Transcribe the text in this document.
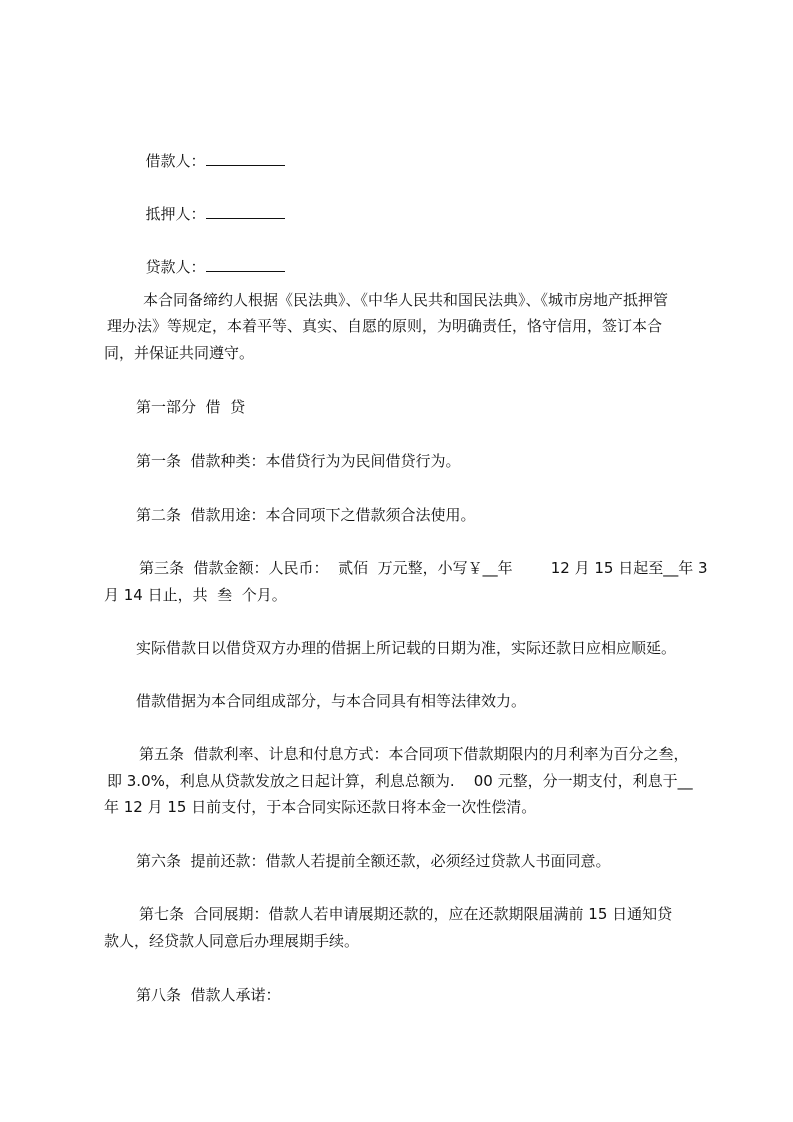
借款人：

抵押人：

贷款人：

本合同备缔约人根据《民法典》、《中华人民共和国民法典》、《城市房地产抵押管
理办法》等规定，本着平等、真实、自愿的原则，为明确责任，恪守信用，签订本合
同，并保证共同遵守。
第一部分  借  贷
第一条  借款种类：本借贷行为为民间借贷行为。
第二条  借款用途：本合同项下之借款须合法使用。
第三条  借款金额：人民币：  贰佰  万元整，小写￥__年        12 月 15 日起至__年 3
月 14 日止，共  叁  个月。
实际借款日以借贷双方办理的借据上所记载的日期为准，实际还款日应相应顺延。
借款借据为本合同组成部分，与本合同具有相等法律效力。
第五条  借款利率、计息和付息方式：本合同项下借款期限内的月利率为百分之叁，
即 3.0%，利息从贷款发放之日起计算，利息总额为.    00 元整，分一期支付，利息于__
年 12 月 15 日前支付，于本合同实际还款日将本金一次性偿清。
第六条  提前还款：借款人若提前全额还款，必须经过贷款人书面同意。
第七条  合同展期：借款人若申请展期还款的，应在还款期限届满前 15 日通知贷
款人，经贷款人同意后办理展期手续。
第八条  借款人承诺：
